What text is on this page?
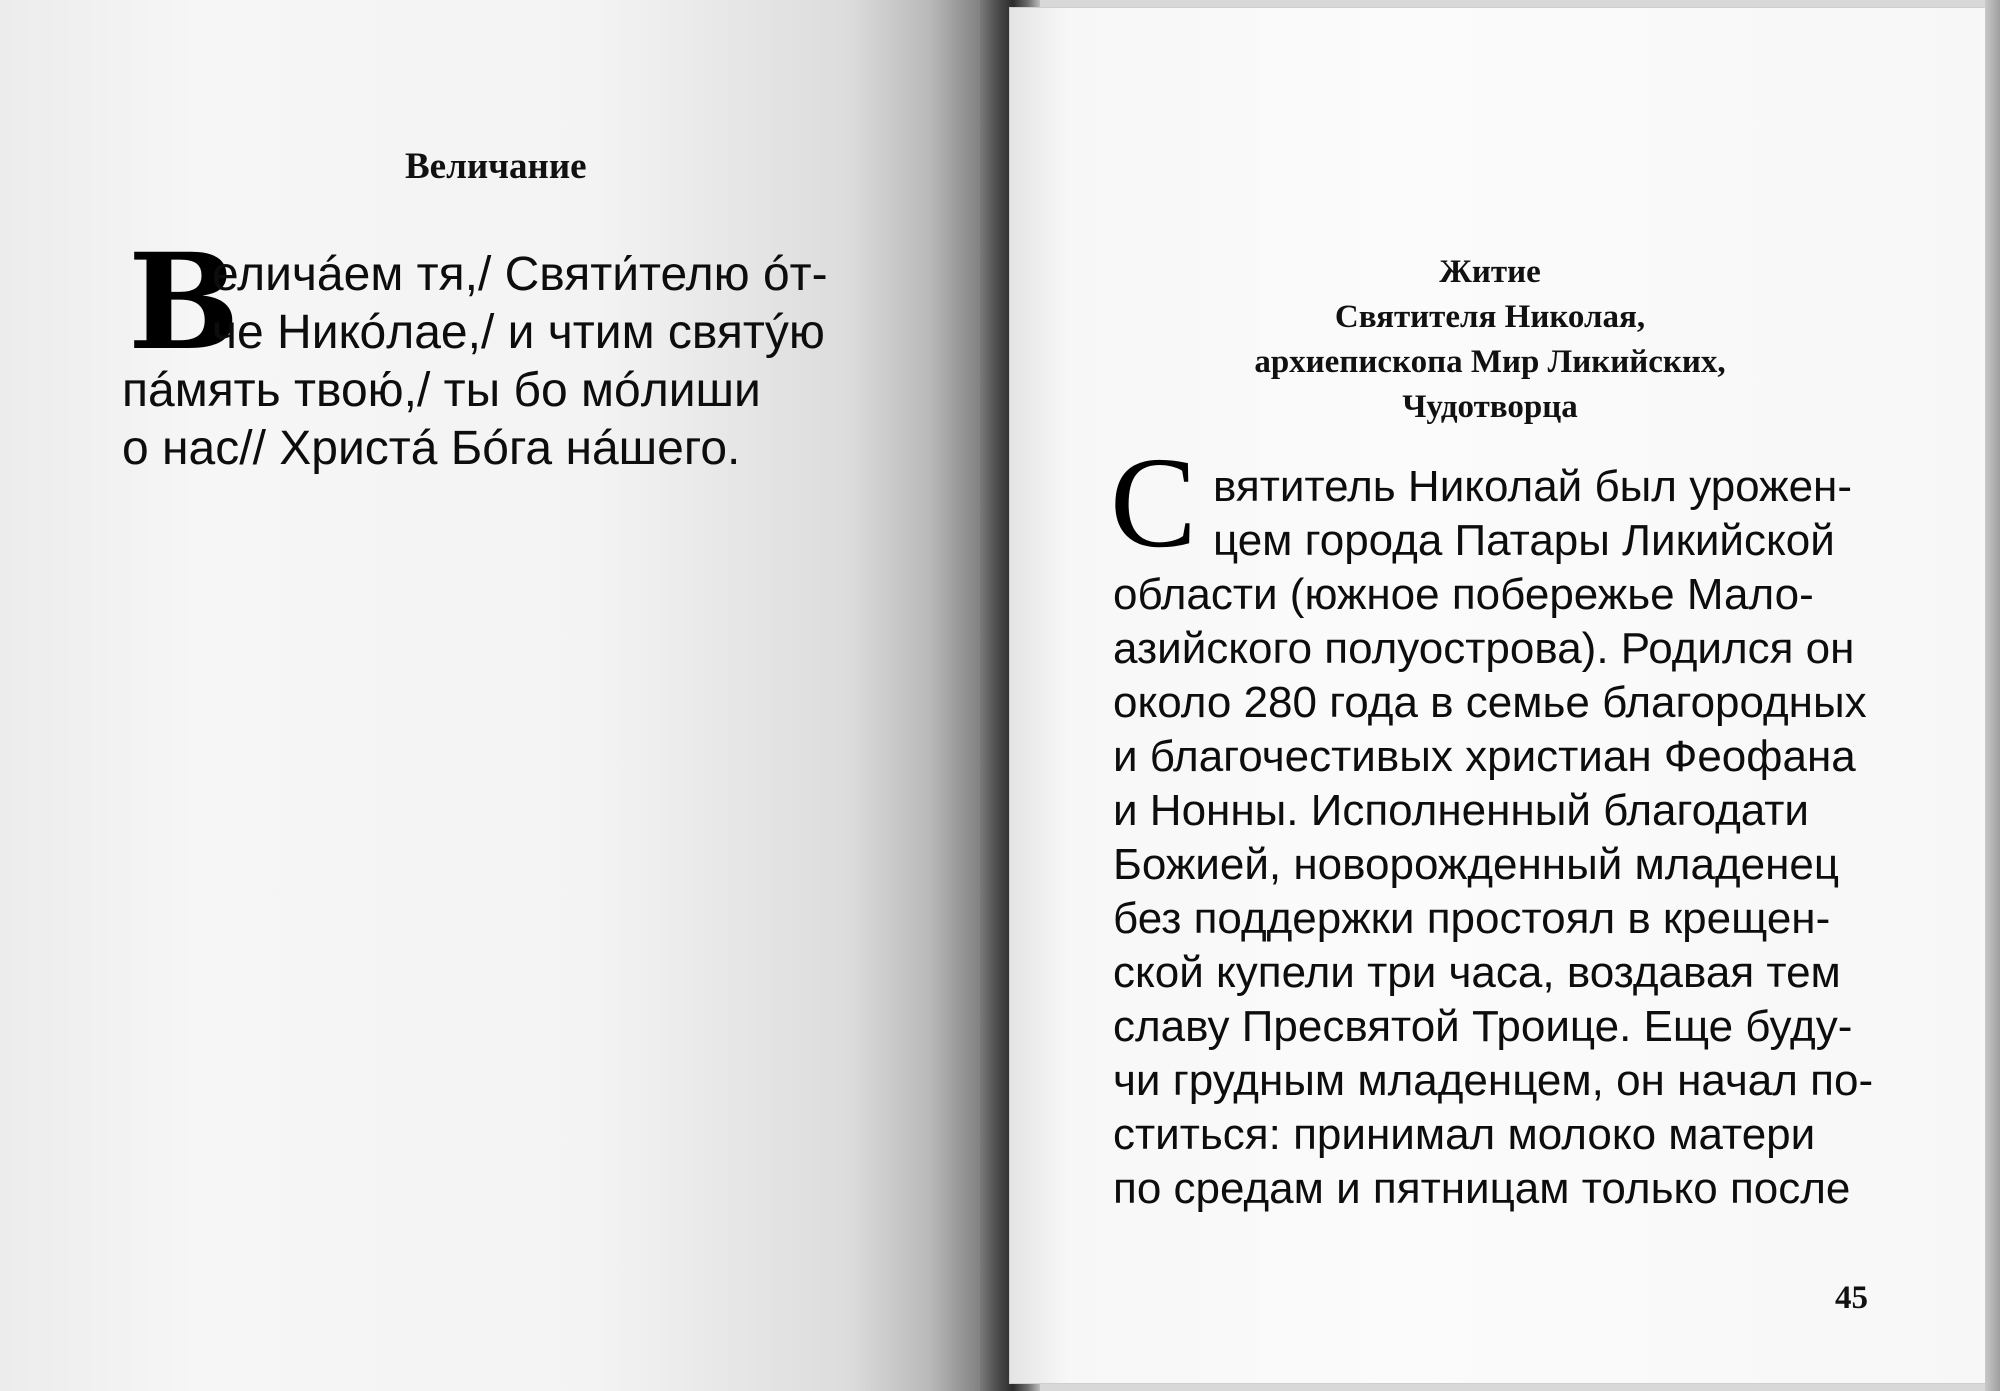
Величание
В
еличáем тя,/ Святи́телю óт-
че Никóлае,/ и чтим святýю
пáмять твою́,/ ты бо мóлиши
о нас// Христá Бóга нáшего.
Житие
Святителя Николая,
архиепископа Мир Ликийских,
Чудотворца
С вятитель Николай был урожен-
цем города Патары Ликийской
области (южное побережье Мало-
азийского полуострова). Родился он
около 280 года в семье благородных
и благочестивых христиан Феофана
и Нонны. Исполненный благодати
Божией, новорожденный младенец
без поддержки простоял в крещен-
ской купели три часа, воздавая тем
славу Пресвятой Троице. Еще буду-
чи грудным младенцем, он начал по-
ститься: принимал молоко матери
по средам и пятницам только после
45
